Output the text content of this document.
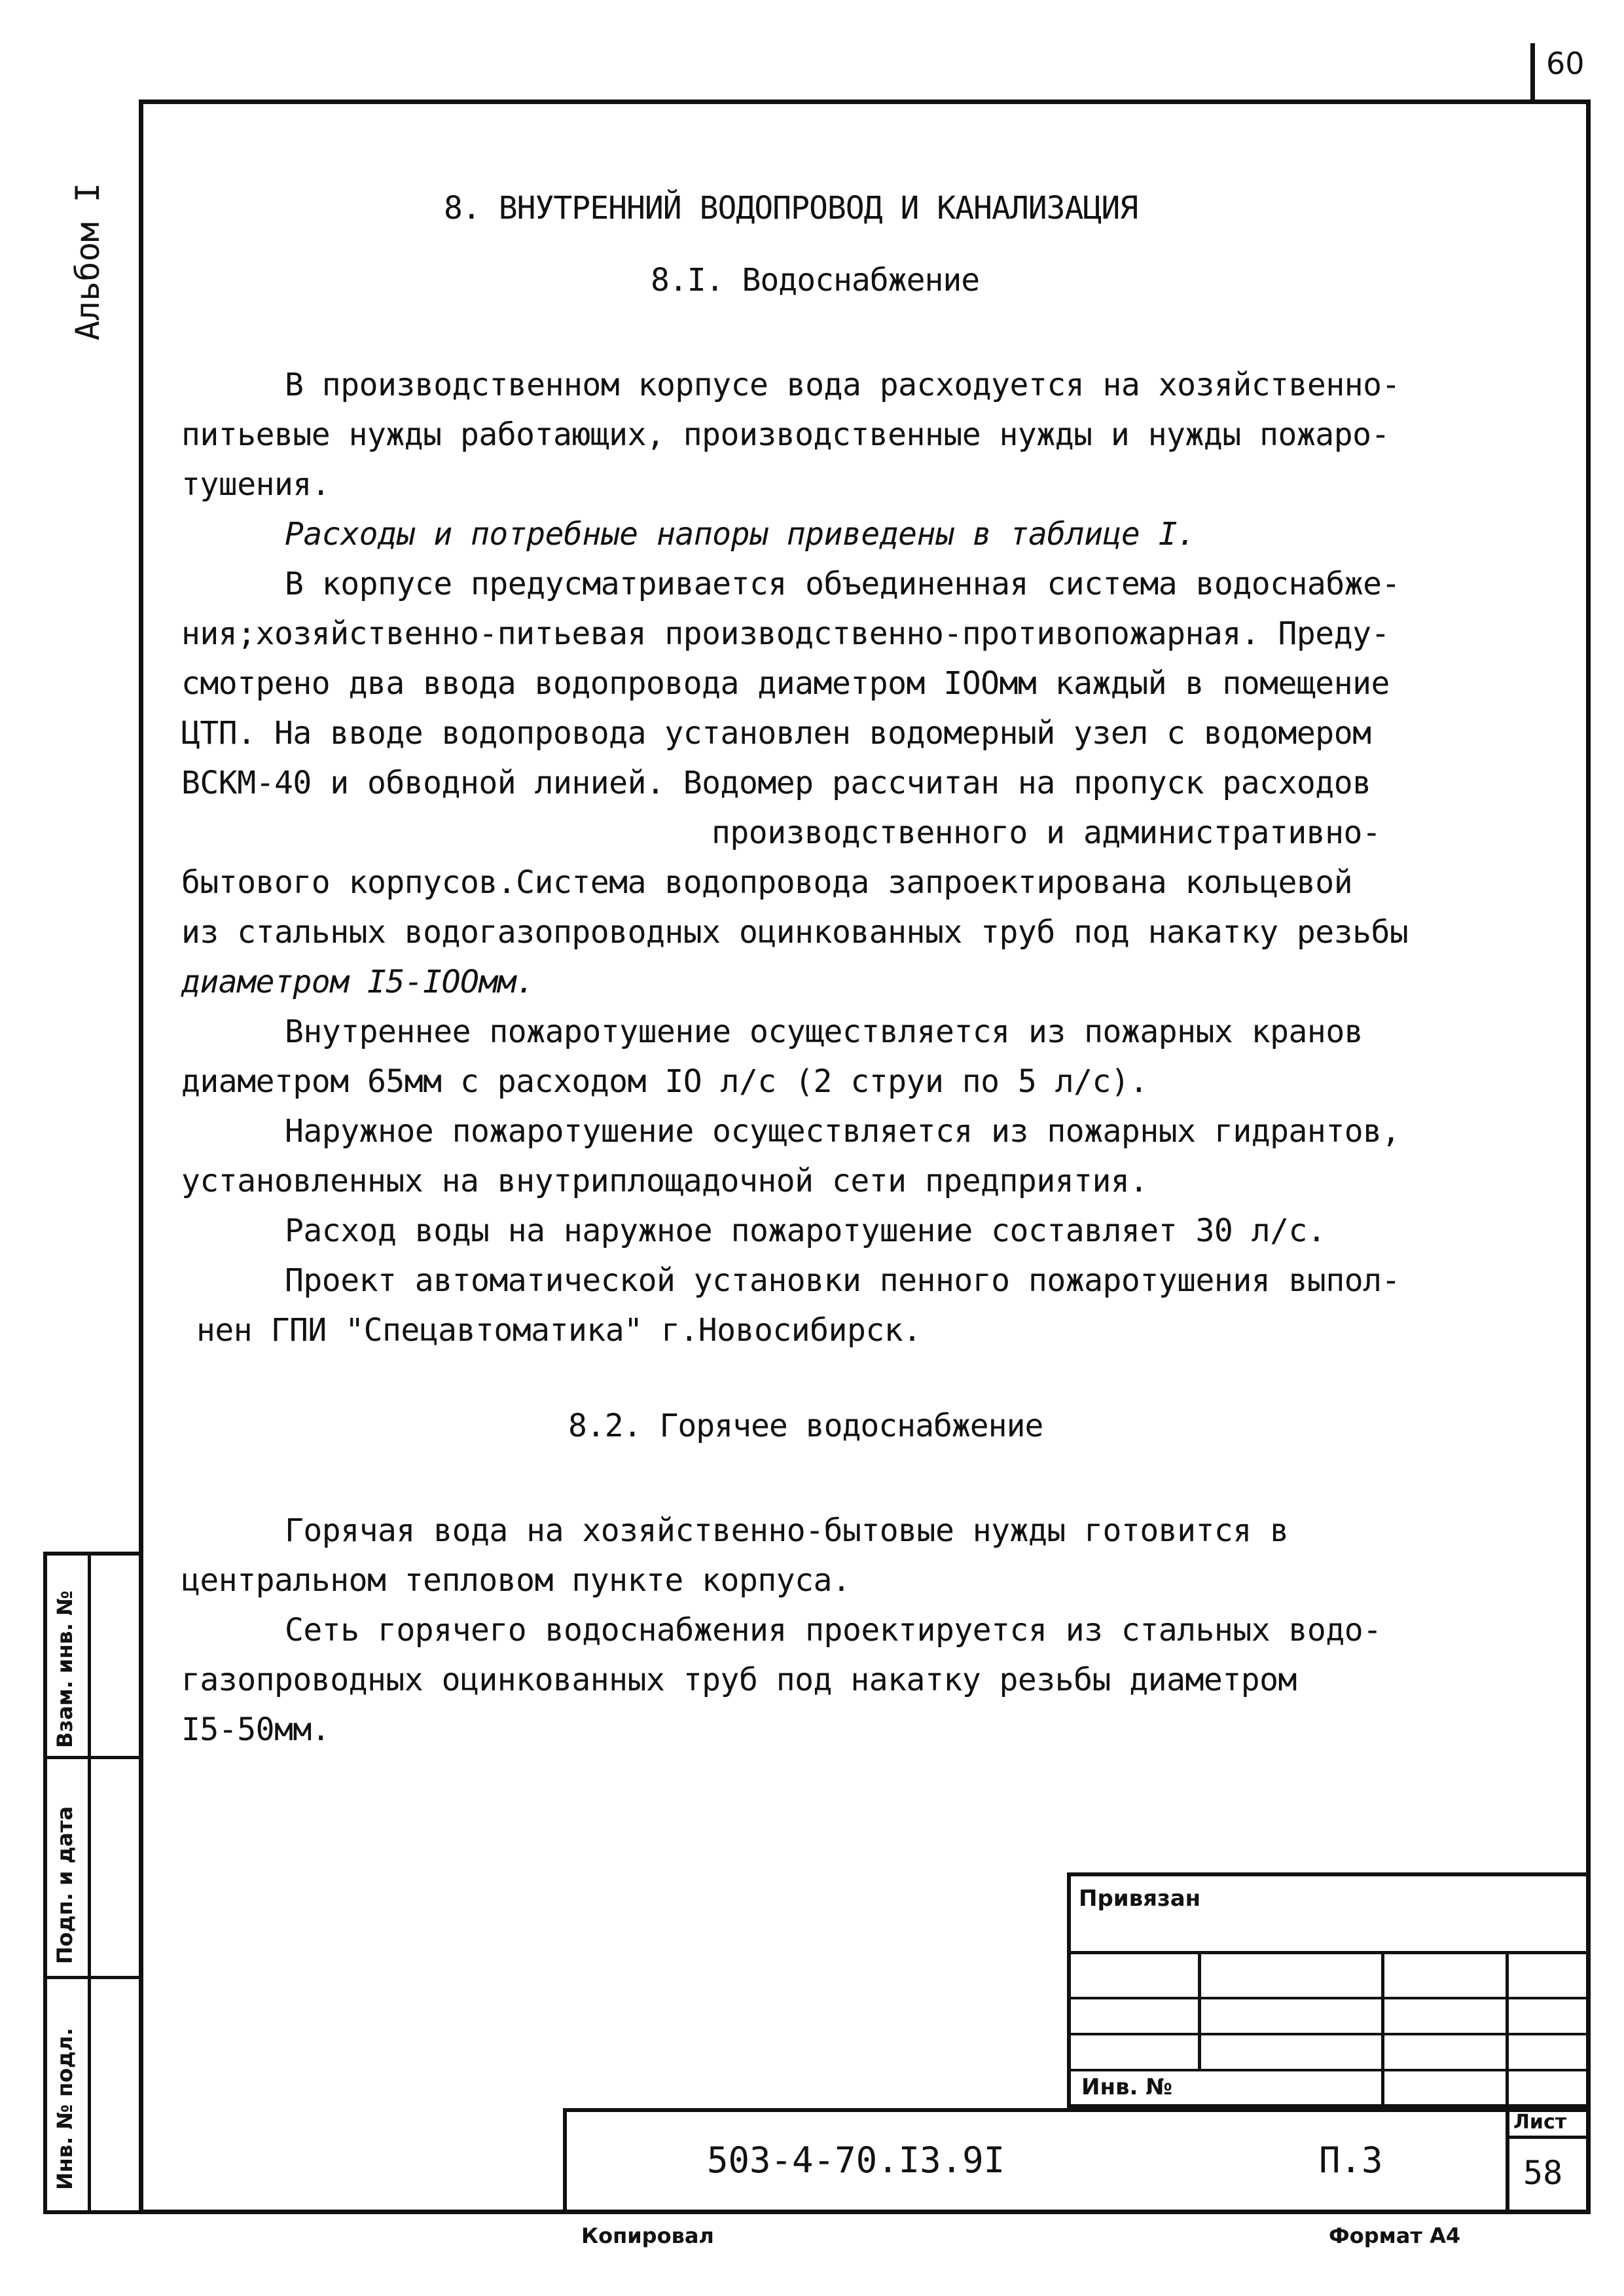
60
Альбом I	8. ВНУТРЕННИЙ ВОДОПРОВОД И КАНАЛИЗАЦИЯ
8.I. Водоснабжение
В производственном корпусе вода расходуется на хозяйственно-
питьевые нужды работающих, производственные нужды и нужды пожаро-
тушения.
Расходы и потребные напоры приведены в таблице I.
В корпусе предусматривается объединенная система водоснабже-
ния;хозяйственно-питьевая производственно-противопожарная. Преду-
смотрено два ввода водопровода диаметром IOOмм каждый в помещение
ЦТП. На вводе водопровода установлен водомерный узел с водомером
ВСКМ-40 и обводной линией. Водомер рассчитан на пропуск расходов
производственного и административно-
бытового корпусов.Система водопровода запроектирована кольцевой
из стальных водогазопроводных оцинкованных труб под накатку резьбы
диаметром I5-IOOмм.
Внутреннее пожаротушение осуществляется из пожарных кранов
диаметром 65мм с расходом IO л/с (2 струи по 5 л/с).
Наружное пожаротушение осуществляется из пожарных гидрантов,
установленных на внутриплощадочной сети предприятия.
Расход воды на наружное пожаротушение составляет 30 л/с.
Проект автоматической установки пенного пожаротушения выпол-
нен ГПИ "Спецавтоматика" г.Новосибирск.
8.2. Горячее водоснабжение
Горячая вода на хозяйственно-бытовые нужды готовится в
центральном тепловом пункте корпуса.
Сеть горячего водоснабжения проектируется из стальных водо-
газопроводных оцинкованных труб под накатку резьбы диаметром
I5-50мм.
Взам. инв. №
Подп. и дата
Инв. № подл.
Привязан
Инв. №
503-4-70.I3.9I	П.3
Лист
58
Копировал	Формат А4
